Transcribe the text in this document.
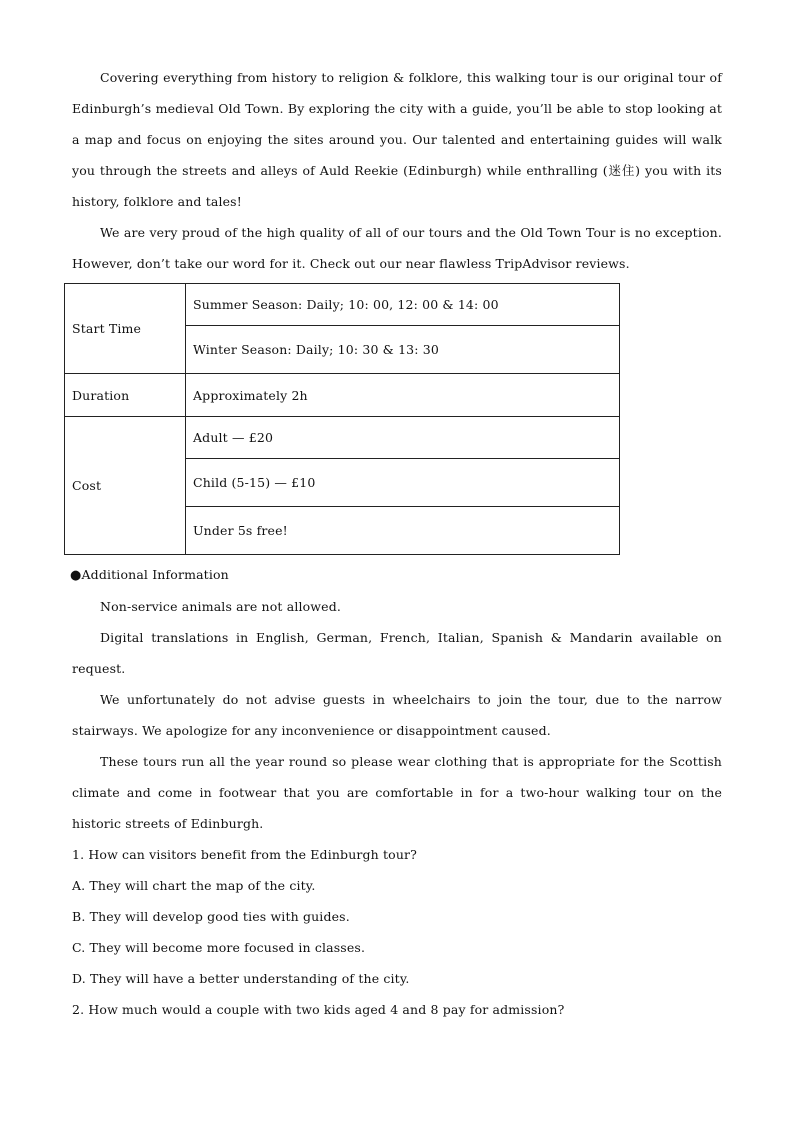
Covering everything from history to religion & folklore, this walking tour is our original tour of Edinburgh’s medieval Old Town. By exploring the city with a guide, you’ll be able to stop looking at a map and focus on enjoying the sites around you. Our talented and entertaining guides will walk you through the streets and alleys of Auld Reekie (Edinburgh) while enthralling (迷住) you with its history, folklore and tales!

We are very proud of the high quality of all of our tours and the Old Town Tour is no exception. However, don’t take our word for it. Check out our near flawless TripAdvisor reviews.

Start Time	Summer Season: Daily; 10: 00, 12: 00 & 14: 00
	Winter Season: Daily; 10: 30 & 13: 30
Duration	Approximately 2h
Cost	Adult — £20
	Child (5-15) — £10
	Under 5s free!

●Additional Information

Non-service animals are not allowed.

Digital translations in English, German, French, Italian, Spanish & Mandarin available on request.

We unfortunately do not advise guests in wheelchairs to join the tour, due to the narrow stairways. We apologize for any inconvenience or disappointment caused.

These tours run all the year round so please wear clothing that is appropriate for the Scottish climate and come in footwear that you are comfortable in for a two-hour walking tour on the historic streets of Edinburgh.

1. How can visitors benefit from the Edinburgh tour?

A. They will chart the map of the city.

B. They will develop good ties with guides.

C. They will become more focused in classes.

D. They will have a better understanding of the city.

2. How much would a couple with two kids aged 4 and 8 pay for admission?
